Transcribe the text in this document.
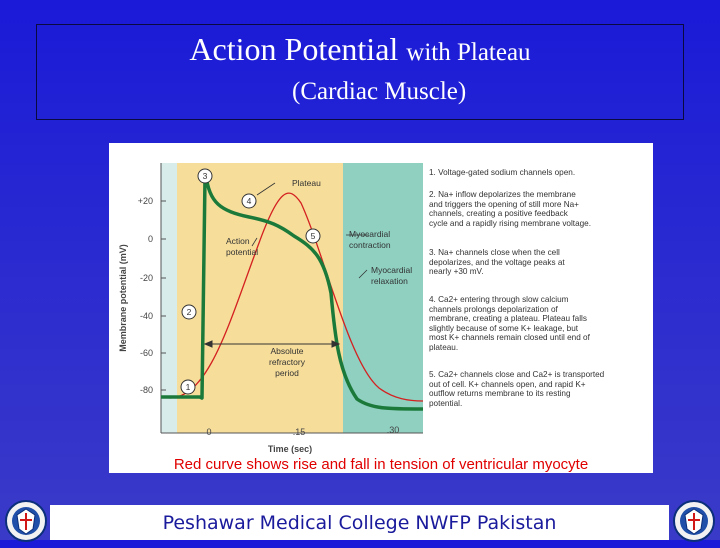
Action Potential with Plateau
(Cardiac Muscle)
+20
0
-20
-40
-60
-80
Membrane potential (mV)
0	.15	.30
Time (sec)
Plateau
Action
potential
Myocardial
contraction
Myocardial
relaxation
Absolute
refractory
period
1
2
3
4
5
1. Voltage-gated sodium channels open.
2. Na+ inflow depolarizes the membrane
and triggers the opening of still more Na+
channels, creating a positive feedback
cycle and a rapidly rising membrane voltage.
3. Na+ channels close when the cell
depolarizes, and the voltage peaks at
nearly +30 mV.
4. Ca2+ entering through slow calcium
channels prolongs depolarization of
membrane, creating a plateau. Plateau falls
slightly because of some K+ leakage, but
most K+ channels remain closed until end of
plateau.
5. Ca2+ channels close and Ca2+ is transported
out of cell. K+ channels open, and rapid K+
outflow returns membrane to its resting
potential.
Red curve shows rise and fall in tension of ventricular myocyte
Peshawar Medical College NWFP Pakistan
